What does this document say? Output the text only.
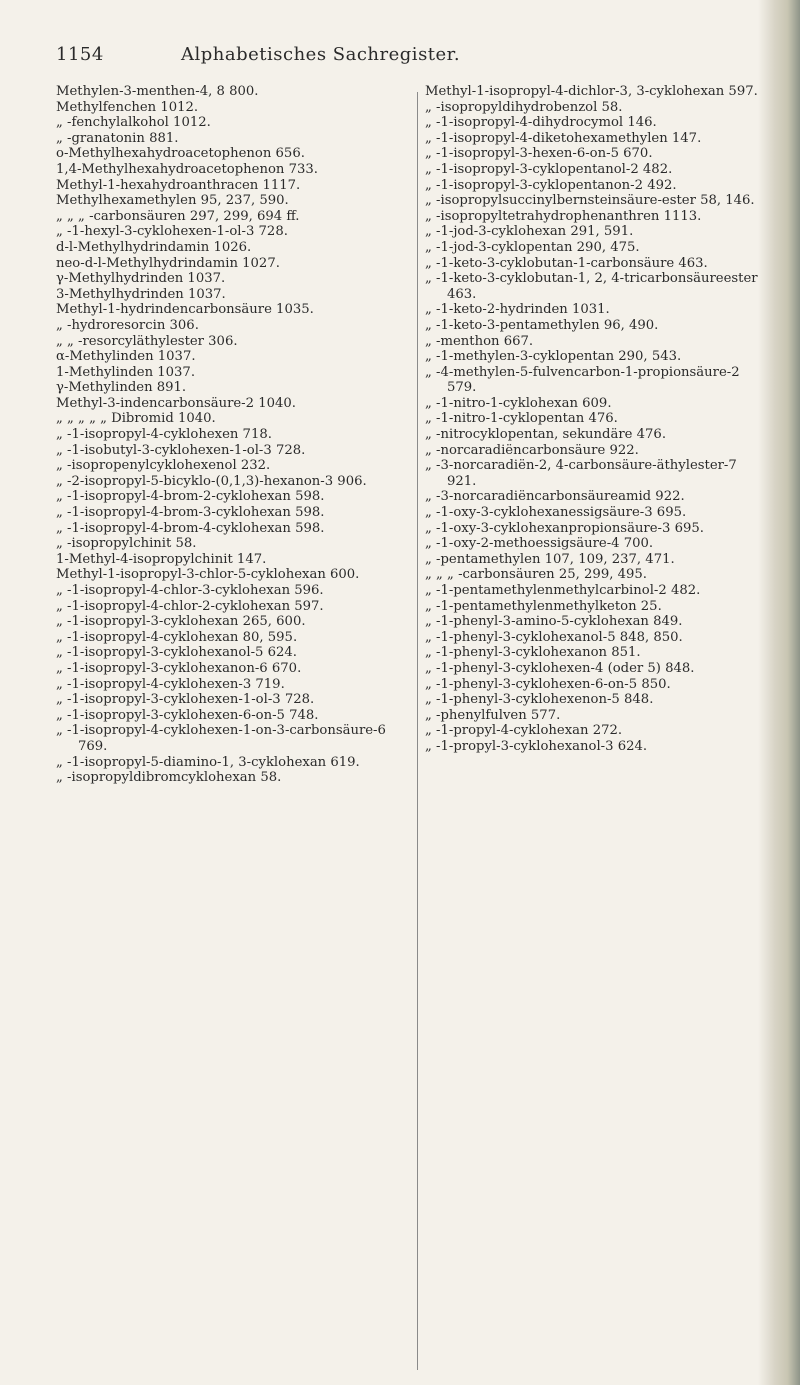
1154	Alphabetisches Sachregister.

Methylen-3-menthen-4, 8 800.

Methylfenchen 1012.

„ -fenchylalkohol 1012.

„ -granatonin 881.

o-Methylhexahydroacetophenon 656.

1,4-Methylhexahydroacetophenon 733.

Methyl-1-hexahydroanthracen 1117.

Methylhexamethylen 95, 237, 590.

„ „ „ -carbonsäuren 297, 299, 694 ff.

„ -1-hexyl-3-cyklohexen-1-ol-3 728.

d-l-Methylhydrindamin 1026.

neo-d-l-Methylhydrindamin 1027.

γ-Methylhydrinden 1037.

3-Methylhydrinden 1037.

Methyl-1-hydrindencarbonsäure 1035.

„ -hydroresorcin 306.

„ „ -resorcyläthylester 306.

α-Methylinden 1037.

1-Methylinden 1037.

γ-Methylinden 891.

Methyl-3-indencarbonsäure-2 1040.

„ „ „ „ „ Dibromid 1040.

„ -1-isopropyl-4-cyklohexen 718.

„ -1-isobutyl-3-cyklohexen-1-ol-3 728.

„ -isopropenylcyklohexenol 232.

„ -2-isopropyl-5-bicyklo-(0,1,3)-hexanon-3 906.

„ -1-isopropyl-4-brom-2-cyklohexan 598.

„ -1-isopropyl-4-brom-3-cyklohexan 598.

„ -1-isopropyl-4-brom-4-cyklohexan 598.

„ -isopropylchinit 58.

1-Methyl-4-isopropylchinit 147.

Methyl-1-isopropyl-3-chlor-5-cyklohexan 600.

„ -1-isopropyl-4-chlor-3-cyklohexan 596.

„ -1-isopropyl-4-chlor-2-cyklohexan 597.

„ -1-isopropyl-3-cyklohexan 265, 600.

„ -1-isopropyl-4-cyklohexan 80, 595.

„ -1-isopropyl-3-cyklohexanol-5 624.

„ -1-isopropyl-3-cyklohexanon-6 670.

„ -1-isopropyl-4-cyklohexen-3 719.

„ -1-isopropyl-3-cyklohexen-1-ol-3 728.

„ -1-isopropyl-3-cyklohexen-6-on-5 748.

„ -1-isopropyl-4-cyklohexen-1-on-3-carbonsäure-6 769.

„ -1-isopropyl-5-diamino-1, 3-cyklohexan 619.

„ -isopropyldibromcyklohexan 58.

Methyl-1-isopropyl-4-dichlor-3, 3-cyklohexan 597.

„ -isopropyldihydrobenzol 58.

„ -1-isopropyl-4-dihydrocymol 146.

„ -1-isopropyl-4-diketohexamethylen 147.

„ -1-isopropyl-3-hexen-6-on-5 670.

„ -1-isopropyl-3-cyklopentanol-2 482.

„ -1-isopropyl-3-cyklopentanon-2 492.

„ -isopropylsuccinylbernsteinsäure-ester 58, 146.

„ -isopropyltetrahydrophenanthren 1113.

„ -1-jod-3-cyklohexan 291, 591.

„ -1-jod-3-cyklopentan 290, 475.

„ -1-keto-3-cyklobutan-1-carbonsäure 463.

„ -1-keto-3-cyklobutan-1, 2, 4-tricarbonsäureester 463.

„ -1-keto-2-hydrinden 1031.

„ -1-keto-3-pentamethylen 96, 490.

„ -menthon 667.

„ -1-methylen-3-cyklopentan 290, 543.

„ -4-methylen-5-fulvencarbon-1-propionsäure-2 579.

„ -1-nitro-1-cyklohexan 609.

„ -1-nitro-1-cyklopentan 476.

„ -nitrocyklopentan, sekundäre 476.

„ -norcaradiëncarbonsäure 922.

„ -3-norcaradiën-2, 4-carbonsäure-äthylester-7 921.

„ -3-norcaradiëncarbonsäureamid 922.

„ -1-oxy-3-cyklohexanessigsäure-3 695.

„ -1-oxy-3-cyklohexanpropionsäure-3 695.

„ -1-oxy-2-methoessigsäure-4 700.

„ -pentamethylen 107, 109, 237, 471.

„ „ „ -carbonsäuren 25, 299, 495.

„ -1-pentamethylenmethylcarbinol-2 482.

„ -1-pentamethylenmethylketon 25.

„ -1-phenyl-3-amino-5-cyklohexan 849.

„ -1-phenyl-3-cyklohexanol-5 848, 850.

„ -1-phenyl-3-cyklohexanon 851.

„ -1-phenyl-3-cyklohexen-4 (oder 5) 848.

„ -1-phenyl-3-cyklohexen-6-on-5 850.

„ -1-phenyl-3-cyklohexenon-5 848.

„ -phenylfulven 577.

„ -1-propyl-4-cyklohexan 272.

„ -1-propyl-3-cyklohexanol-3 624.
